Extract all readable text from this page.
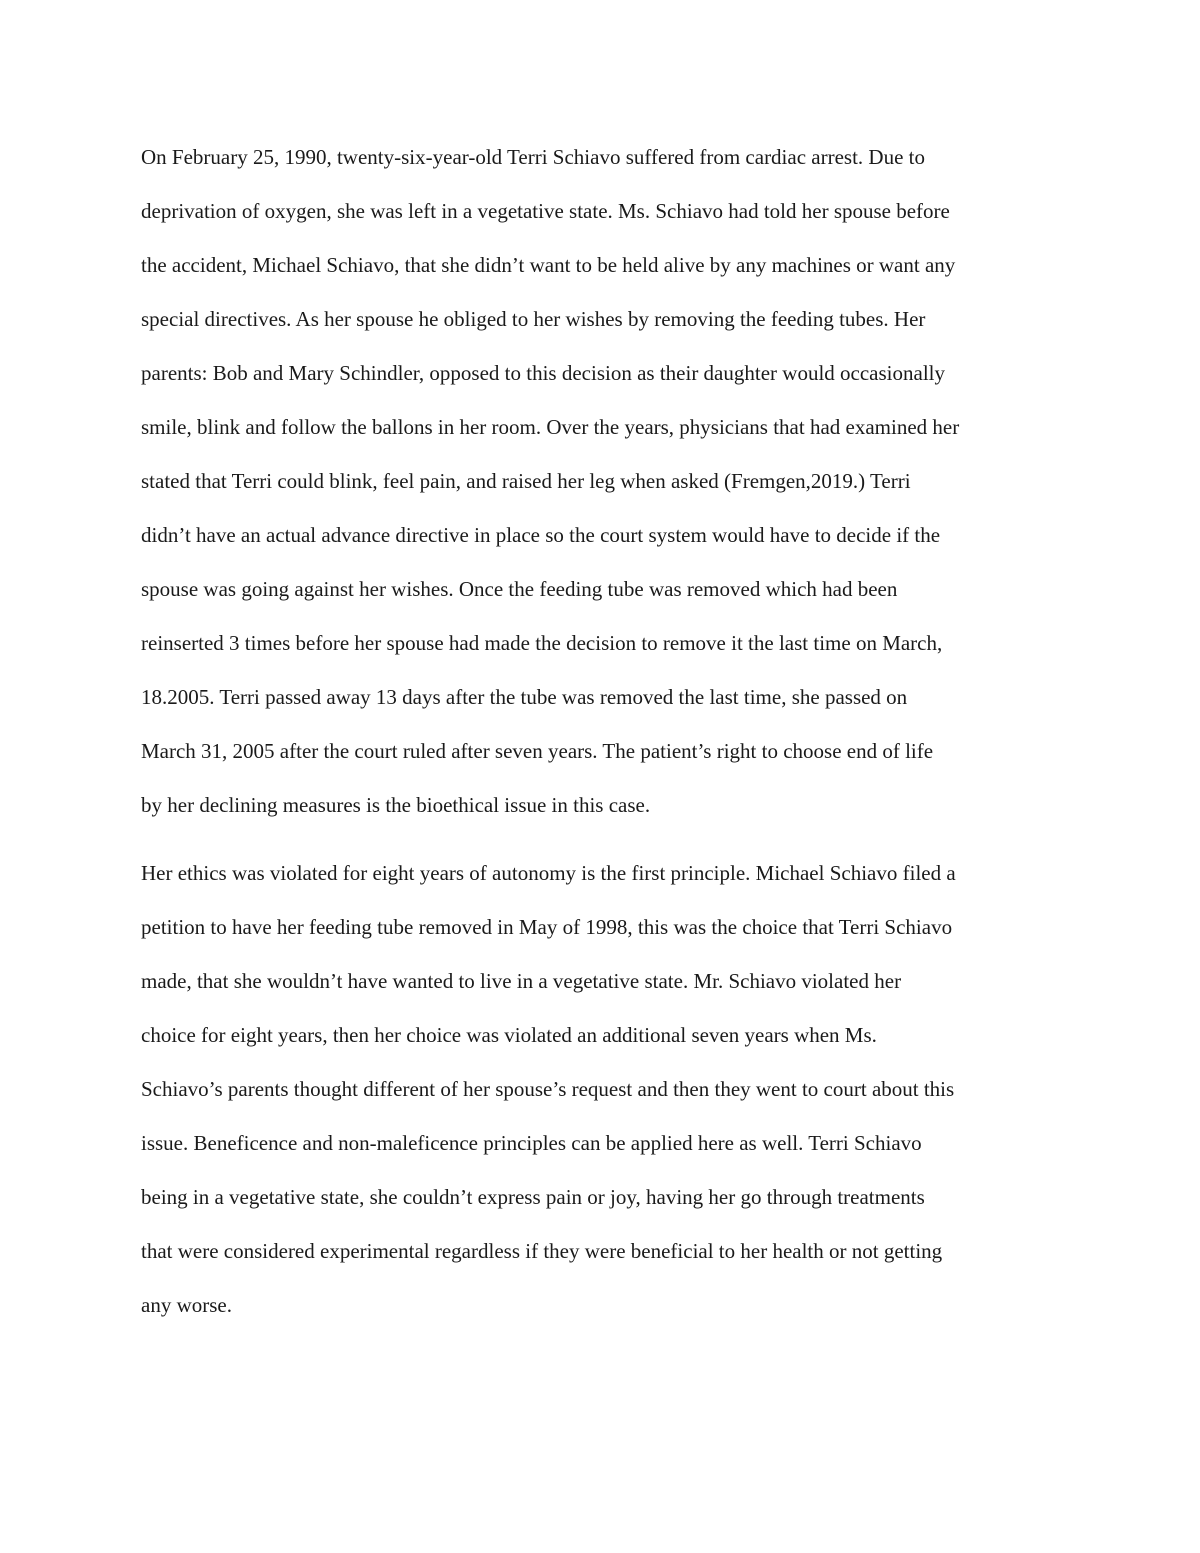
On February 25, 1990, twenty-six-year-old Terri Schiavo suffered from cardiac arrest. Due to
deprivation of oxygen, she was left in a vegetative state. Ms. Schiavo had told her spouse before
the accident, Michael Schiavo, that she didn’t want to be held alive by any machines or want any
special directives. As her spouse he obliged to her wishes by removing the feeding tubes. Her
parents: Bob and Mary Schindler, opposed to this decision as their daughter would occasionally
smile, blink and follow the ballons in her room. Over the years, physicians that had examined her
stated that Terri could blink, feel pain, and raised her leg when asked (Fremgen,2019.) Terri
didn’t have an actual advance directive in place so the court system would have to decide if the
spouse was going against her wishes. Once the feeding tube was removed which had been
reinserted 3 times before her spouse had made the decision to remove it the last time on March,
18.2005. Terri passed away 13 days after the tube was removed the last time, she passed on
March 31, 2005 after the court ruled after seven years. The patient’s right to choose end of life
by her declining measures is the bioethical issue in this case.
Her ethics was violated for eight years of autonomy is the first principle. Michael Schiavo filed a
petition to have her feeding tube removed in May of 1998, this was the choice that Terri Schiavo
made, that she wouldn’t have wanted to live in a vegetative state. Mr. Schiavo violated her
choice for eight years, then her choice was violated an additional seven years when Ms.
Schiavo’s parents thought different of her spouse’s request and then they went to court about this
issue. Beneficence and non-maleficence principles can be applied here as well. Terri Schiavo
being in a vegetative state, she couldn’t express pain or joy, having her go through treatments
that were considered experimental regardless if they were beneficial to her health or not getting
any worse.
